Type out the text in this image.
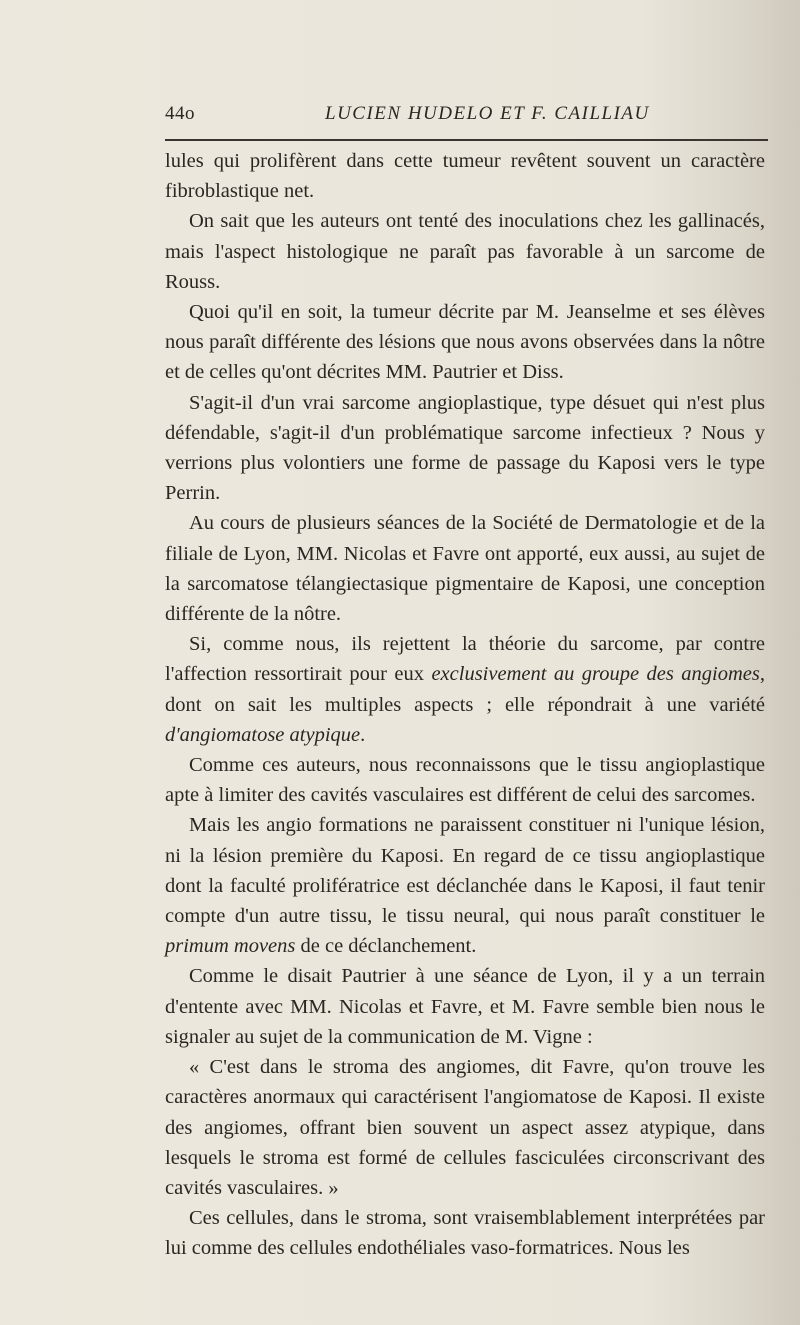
44o	LUCIEN HUDELO ET F. CAILLIAU

lules qui prolifèrent dans cette tumeur revêtent souvent un caractère fibroblastique net.

On sait que les auteurs ont tenté des inoculations chez les gallinacés, mais l'aspect histologique ne paraît pas favorable à un sarcome de Rouss.

Quoi qu'il en soit, la tumeur décrite par M. Jeanselme et ses élèves nous paraît différente des lésions que nous avons observées dans la nôtre et de celles qu'ont décrites MM. Pautrier et Diss.

S'agit-il d'un vrai sarcome angioplastique, type désuet qui n'est plus défendable, s'agit-il d'un problématique sarcome infectieux ? Nous y verrions plus volontiers une forme de passage du Kaposi vers le type Perrin.

Au cours de plusieurs séances de la Société de Dermatologie et de la filiale de Lyon, MM. Nicolas et Favre ont apporté, eux aussi, au sujet de la sarcomatose télangiectasique pigmentaire de Kaposi, une conception différente de la nôtre.

Si, comme nous, ils rejettent la théorie du sarcome, par contre l'affection ressortirait pour eux exclusivement au groupe des angiomes, dont on sait les multiples aspects ; elle répondrait à une variété d'angiomatose atypique.

Comme ces auteurs, nous reconnaissons que le tissu angioplastique apte à limiter des cavités vasculaires est différent de celui des sarcomes.

Mais les angio formations ne paraissent constituer ni l'unique lésion, ni la lésion première du Kaposi. En regard de ce tissu angioplastique dont la faculté prolifératrice est déclanchée dans le Kaposi, il faut tenir compte d'un autre tissu, le tissu neural, qui nous paraît constituer le primum movens de ce déclanchement.

Comme le disait Pautrier à une séance de Lyon, il y a un terrain d'entente avec MM. Nicolas et Favre, et M. Favre semble bien nous le signaler au sujet de la communication de M. Vigne :

« C'est dans le stroma des angiomes, dit Favre, qu'on trouve les caractères anormaux qui caractérisent l'angiomatose de Kaposi. Il existe des angiomes, offrant bien souvent un aspect assez atypique, dans lesquels le stroma est formé de cellules fasciculées circonscrivant des cavités vasculaires. »

Ces cellules, dans le stroma, sont vraisemblablement interprétées par lui comme des cellules endothéliales vaso-formatrices. Nous les
